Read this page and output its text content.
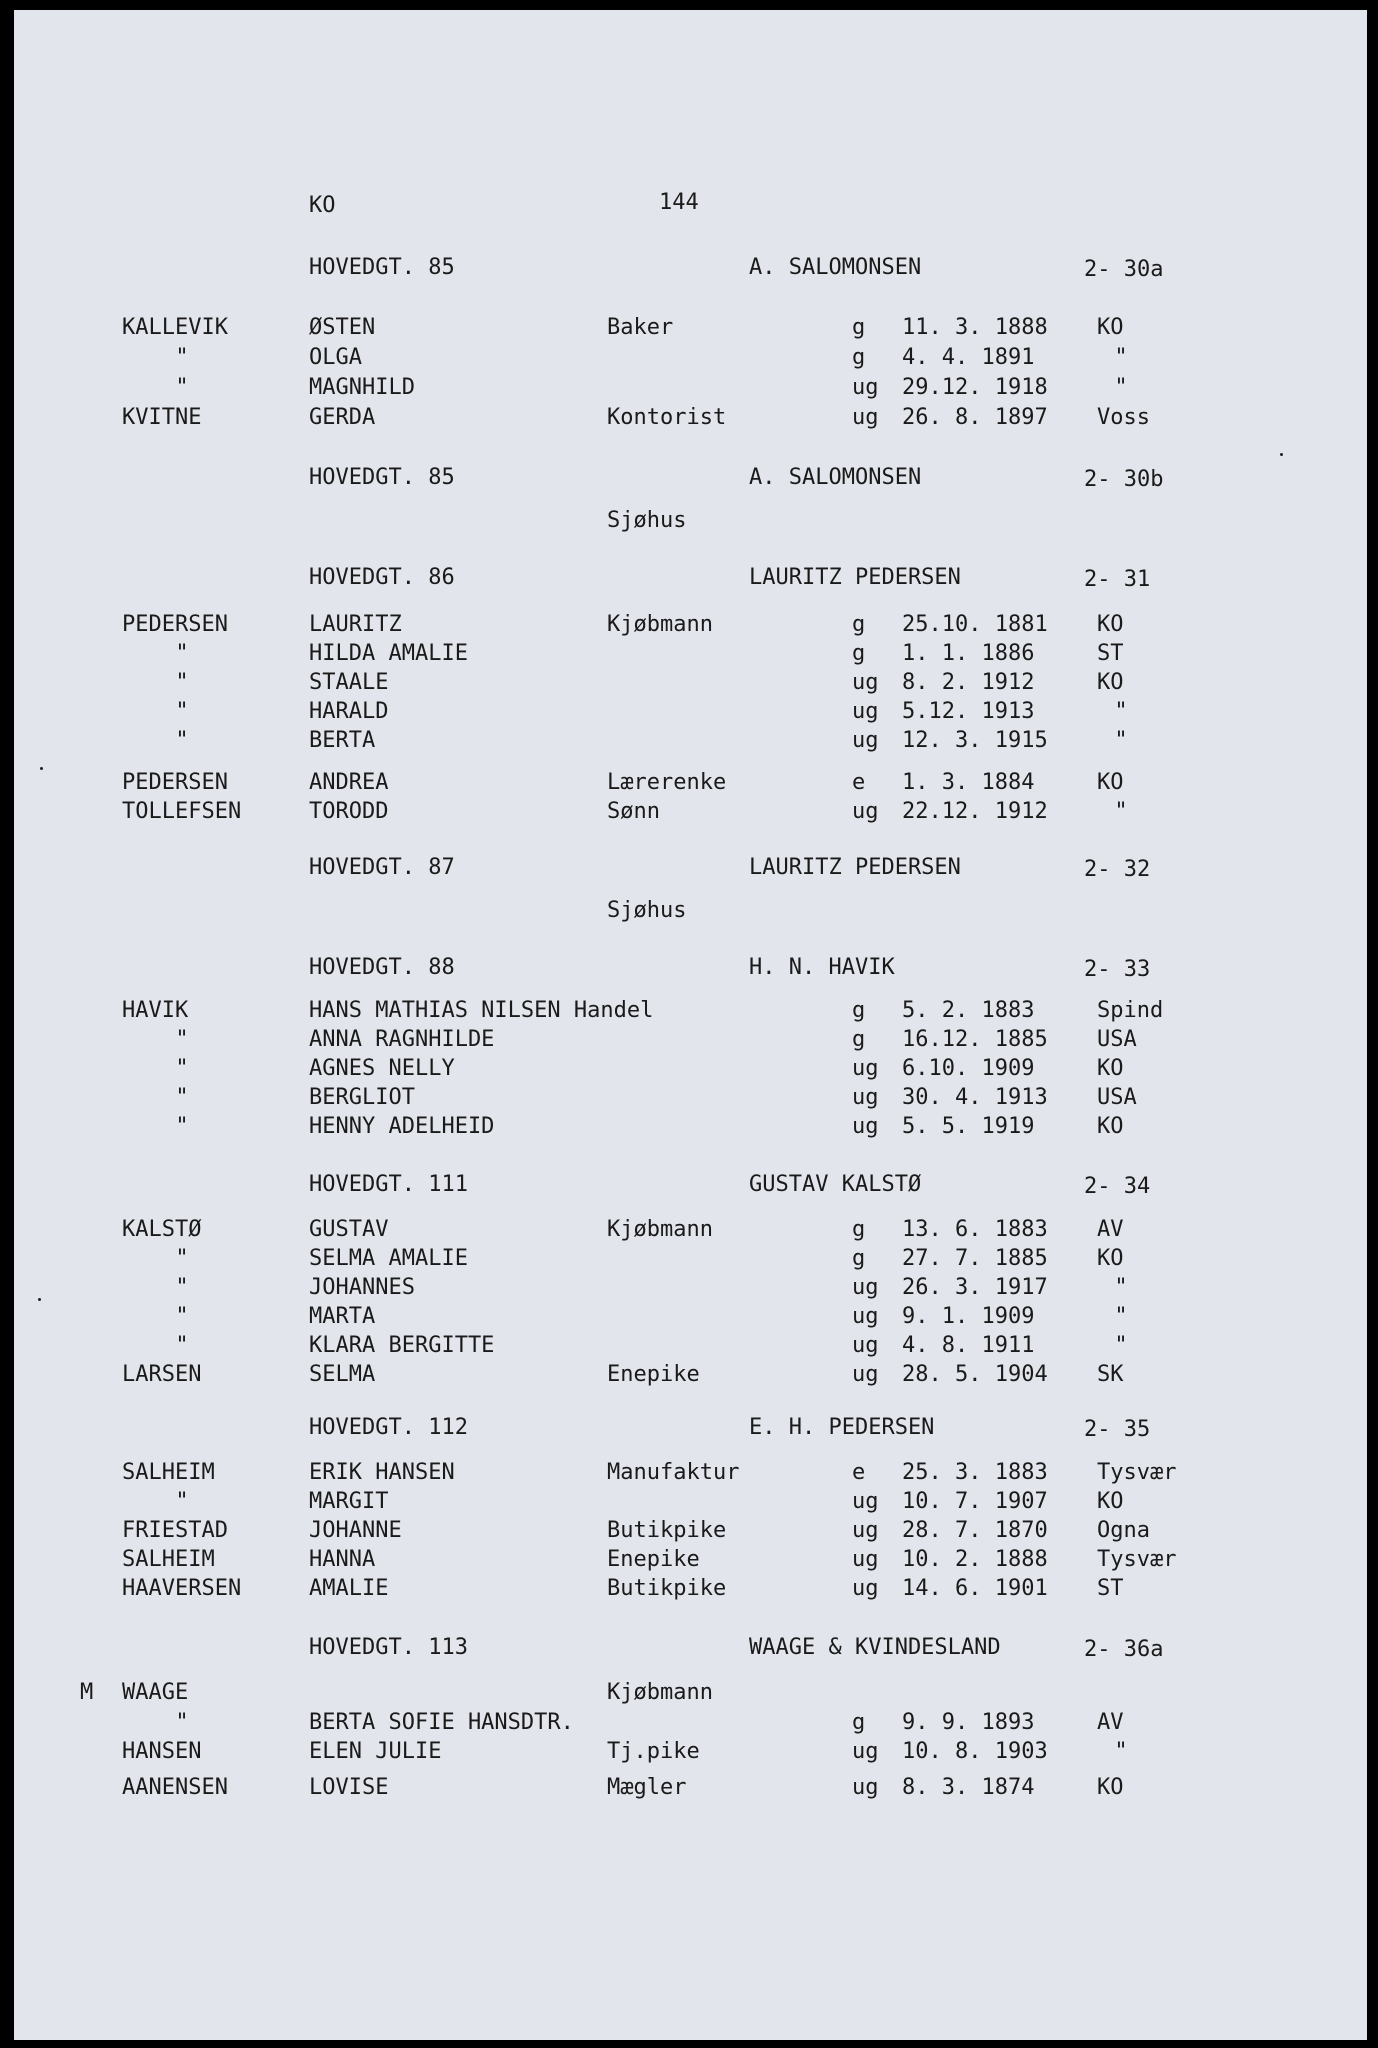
KO	144
HOVEDGT. 85	A. SALOMONSEN	2- 30a
KALLEVIK	ØSTEN	Baker	g 11. 3. 1888 KO
"	OLGA	g 4. 4. 1891	"
"	MAGNHILD	ug 29.12. 1918	"
KVITNE	GERDA	Kontorist	ug 26. 8. 1897 Voss
HOVEDGT. 85	A. SALOMONSEN	2- 30b
Sjøhus
HOVEDGT. 86	LAURITZ PEDERSEN	2- 31
PEDERSEN	LAURITZ	Kjøbmann	g 25.10. 1881 KO
"	HILDA AMALIE	g 1. 1. 1886	ST
"	STAALE	ug 8. 2. 1912	KO
"	HARALD	ug 5.12. 1913	"
"	BERTA	ug 12. 3. 1915	"
PEDERSEN	ANDREA	Lærerenke	e 1. 3. 1884	KO
TOLLEFSEN	TORODD	Sønn	ug 22.12. 1912	"
HOVEDGT. 87	LAURITZ PEDERSEN	2- 32
Sjøhus
HOVEDGT. 88	H. N. HAVIK	2- 33
HAVIK	HANS MATHIAS NILSEN Handel	g 5. 2. 1883	Spind
"	ANNA RAGNHILDE	g 16.12. 1885 USA
"	AGNES NELLY	ug 6.10. 1909	KO
"	BERGLIOT	ug 30. 4. 1913 USA
"	HENNY ADELHEID	ug 5. 5. 1919	KO
HOVEDGT. 111	GUSTAV KALSTØ	2- 34
KALSTØ	GUSTAV	Kjøbmann	g 13. 6. 1883 AV
"	SELMA AMALIE	g 27. 7. 1885 KO
"	JOHANNES	ug 26. 3. 1917	"
"	MARTA	ug 9. 1. 1909	"
"	KLARA BERGITTE	ug 4. 8. 1911	"
LARSEN	SELMA	Enepike	ug 28. 5. 1904 SK
HOVEDGT. 112	E. H. PEDERSEN	2- 35
SALHEIM	ERIK HANSEN	Manufaktur	e 25. 3. 1883 Tysvær
"	MARGIT	ug 10. 7. 1907 KO
FRIESTAD	JOHANNE	Butikpike	ug 28. 7. 1870 Ogna
SALHEIM	HANNA	Enepike	ug 10. 2. 1888 Tysvær
HAAVERSEN	AMALIE	Butikpike	ug 14. 6. 1901 ST
HOVEDGT. 113	WAAGE & KVINDESLAND	2- 36a
M WAAGE	Kjøbmann
"	BERTA SOFIE HANSDTR.	g 9. 9. 1893	AV
HANSEN	ELEN JULIE	Tj.pike	ug 10. 8. 1903	"
AANENSEN	LOVISE	Mægler	ug 8. 3. 1874	KO
